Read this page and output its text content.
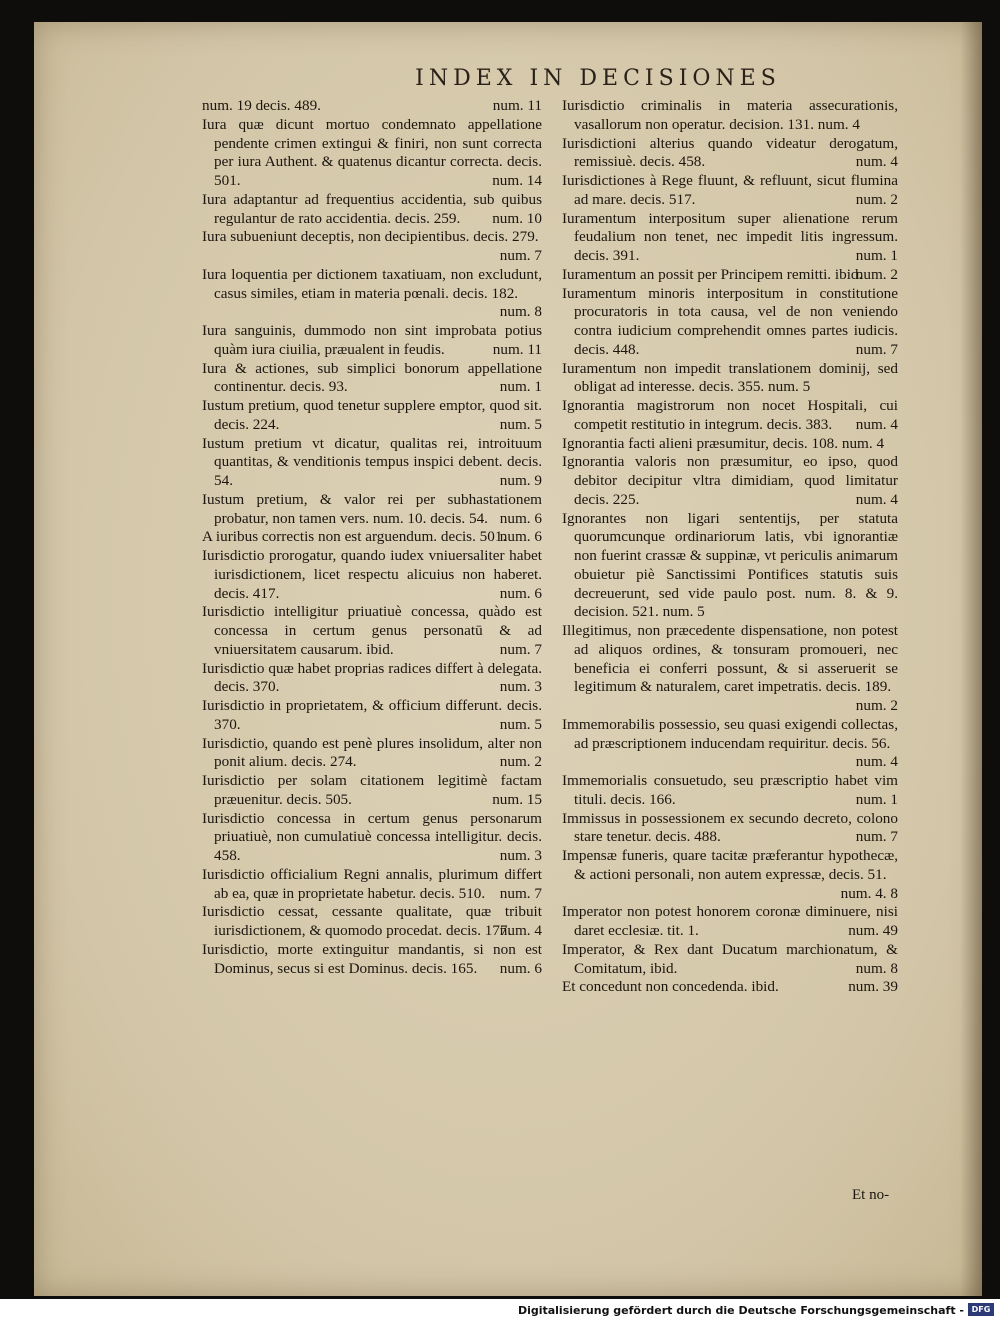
INDEX IN DECISIONES
num. 19 decis. 489.	num. 11
Iura quæ dicunt mortuo condemnato appellatione pendente crimen extingui & finiri, non sunt correcta per iura Authent. & quatenus dicantur correcta. decis. 501.	num. 14
Iura adaptantur ad frequentius accidentia, sub quibus regulantur de rato accidentia. decis. 259. num. 10
Iura subueniunt deceptis, non decipientibus. decis. 279.
num. 7
Iura loquentia per dictionem taxatiuam, non excludunt, casus similes, etiam in materia pœnali. decis. 182.
num. 8
Iura sanguinis, dummodo non sint improbata potius quàm iura ciuilia, præualent in feudis.	num. 11
Iura & actiones, sub simplici bonorum appellatione continentur. decis. 93.	num. 1
Iustum pretium, quod tenetur supplere emptor, quod sit. decis. 224.	num. 5
Iustum pretium vt dicatur, qualitas rei, introituum quantitas, & venditionis tempus inspici debent. decis. 54.	num. 9
Iustum pretium, & valor rei per subhastationem probatur, non tamen vers. num. 10. decis. 54. num. 6
A iuribus correctis non est arguendum. decis. 501.
num. 6
Iurisdictio prorogatur, quando iudex vniuersaliter habet iurisdictionem, licet respectu alicuius non haberet. decis. 417.	num. 6
Iurisdictio intelligitur priuatiuè concessa, quàdo est concessa in certum genus personatū & ad vniuersitatem causarum. ibid.	num. 7
Iurisdictio quæ habet proprias radices differt à delegata. decis. 370.	num. 3
Iurisdictio in proprietatem, & officium differunt. decis. 370.	num. 5
Iurisdictio, quando est penè plures insolidum, alter non ponit alium. decis. 274.	num. 2
Iurisdictio per solam citationem legitimè factam præuenitur. decis. 505.	num. 15
Iurisdictio concessa in certum genus personarum priuatiuè, non cumulatiuè concessa intelligitur. decis. 458.	num. 3
Iurisdictio officialium Regni annalis, plurimum differt ab ea, quæ in proprietate habetur. decis. 510. num. 7
Iurisdictio cessat, cessante qualitate, quæ tribuit iurisdictionem, & quomodo procedat. decis. 177.
num. 4
Iurisdictio, morte extinguitur mandantis, si non est Dominus, secus si est Dominus. decis. 165. num. 6
Iurisdictio criminalis in materia assecurationis, vasallorum non operatur. decision. 131. num. 4
Iurisdictioni alterius quando videatur derogatum, remissiuè. decis. 458.	num. 4
Iurisdictiones à Rege fluunt, & refluunt, sicut flumina ad mare. decis. 517.	num. 2
Iuramentum interpositum super alienatione rerum feudalium non tenet, nec impedit litis ingressum. decis. 391.	num. 1
Iuramentum an possit per Principem remitti. ibid.
num. 2
Iuramentum minoris interpositum in constitutione procuratoris in tota causa, vel de non veniendo contra iudicium comprehendit omnes partes iudicis. decis. 448.	num. 7
Iuramentum non impedit translationem dominij, sed obligat ad interesse. decis. 355. num. 5
Ignorantia magistrorum non nocet Hospitali, cui competit restitutio in integrum. decis. 383. num. 4
Ignorantia facti alieni præsumitur, decis. 108. num. 4
Ignorantia valoris non præsumitur, eo ipso, quod debitor decipitur vltra dimidiam, quod limitatur decis. 225.	num. 4
Ignorantes non ligari sententijs, per statuta quorumcunque ordinariorum latis, vbi ignorantiæ non fuerint crassæ & suppinæ, vt periculis animarum obuietur piè Sanctissimi Pontifices statutis suis decreuerunt, sed vide paulo post. num. 8. & 9. decision. 521. num. 5
Illegitimus, non præcedente dispensatione, non potest ad aliquos ordines, & tonsuram promoueri, nec beneficia ei conferri possunt, & si asseruerit se legitimum & naturalem, caret impetratis. decis. 189.
num. 2
Immemorabilis possessio, seu quasi exigendi collectas, ad præscriptionem inducendam requiritur. decis. 56.
num. 4
Immemorialis consuetudo, seu præscriptio habet vim tituli. decis. 166.	num. 1
Immissus in possessionem ex secundo decreto, colono stare tenetur. decis. 488.	num. 7
Impensæ funeris, quare tacitæ præferantur hypothecæ, & actioni personali, non autem expressæ, decis. 51.
num. 4. 8
Imperator non potest honorem coronæ diminuere, nisi daret ecclesiæ. tit. 1.	num. 49
Imperator, & Rex dant Ducatum marchionatum, & Comitatum, ibid.	num. 8
Et concedunt non concedenda. ibid.	num. 39
Et no-
Digitalisierung gefördert durch die Deutsche Forschungsgemeinschaft - DFG
